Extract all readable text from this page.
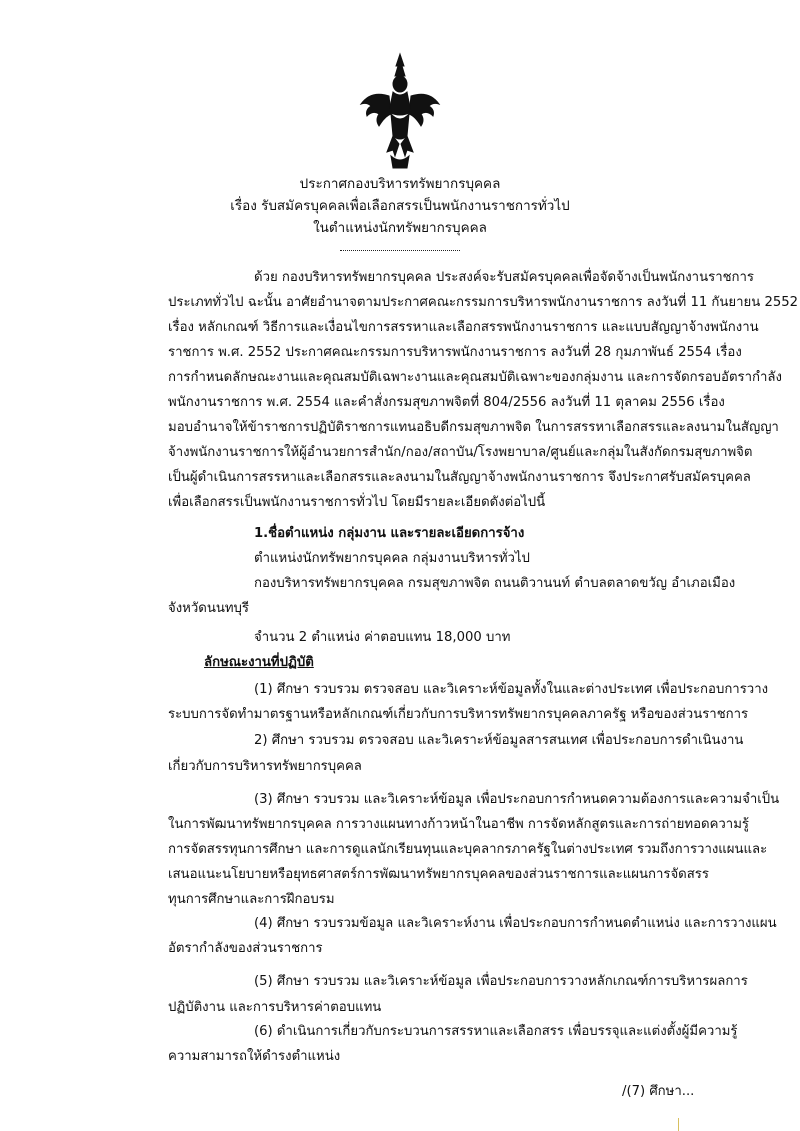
ประกาศกองบริหารทรัพยากรบุคคล
เรื่อง รับสมัครบุคคลเพื่อเลือกสรรเป็นพนักงานราชการทั่วไป
ในตำแหน่งนักทรัพยากรบุคคล
ด้วย กองบริหารทรัพยากรบุคคล ประสงค์จะรับสมัครบุคคลเพื่อจัดจ้างเป็นพนักงานราชการ
ประเภททั่วไป ฉะนั้น อาศัยอำนาจตามประกาศคณะกรรมการบริหารพนักงานราชการ ลงวันที่ 11 กันยายน 2552
เรื่อง หลักเกณฑ์ วิธีการและเงื่อนไขการสรรหาและเลือกสรรพนักงานราชการ และแบบสัญญาจ้างพนักงาน
ราชการ พ.ศ. 2552 ประกาศคณะกรรมการบริหารพนักงานราชการ ลงวันที่ 28 กุมภาพันธ์ 2554 เรื่อง
การกำหนดลักษณะงานและคุณสมบัติเฉพาะงานและคุณสมบัติเฉพาะของกลุ่มงาน และการจัดกรอบอัตรากำลัง
พนักงานราชการ พ.ศ. 2554 และคำสั่งกรมสุขภาพจิตที่ 804/2556 ลงวันที่ 11 ตุลาคม 2556 เรื่อง
มอบอำนาจให้ข้าราชการปฏิบัติราชการแทนอธิบดีกรมสุขภาพจิต ในการสรรหาเลือกสรรและลงนามในสัญญา
จ้างพนักงานราชการให้ผู้อำนวยการสำนัก/กอง/สถาบัน/โรงพยาบาล/ศูนย์และกลุ่มในสังกัดกรมสุขภาพจิต
เป็นผู้ดำเนินการสรรหาและเลือกสรรและลงนามในสัญญาจ้างพนักงานราชการ จึงประกาศรับสมัครบุคคล
เพื่อเลือกสรรเป็นพนักงานราชการทั่วไป โดยมีรายละเอียดดังต่อไปนี้
1.ชื่อตำแหน่ง กลุ่มงาน และรายละเอียดการจ้าง
ตำแหน่งนักทรัพยากรบุคคล กลุ่มงานบริหารทั่วไป
กองบริหารทรัพยากรบุคคล กรมสุขภาพจิต ถนนติวานนท์ ตำบลตลาดขวัญ อำเภอเมือง
จังหวัดนนทบุรี
จำนวน 2 ตำแหน่ง ค่าตอบแทน 18,000 บาท
ลักษณะงานที่ปฏิบัติ
(1) ศึกษา รวบรวม ตรวจสอบ และวิเคราะห์ข้อมูลทั้งในและต่างประเทศ เพื่อประกอบการวาง
ระบบการจัดทำมาตรฐานหรือหลักเกณฑ์เกี่ยวกับการบริหารทรัพยากรบุคคลภาครัฐ หรือของส่วนราชการ
2) ศึกษา รวบรวม ตรวจสอบ และวิเคราะห์ข้อมูลสารสนเทศ เพื่อประกอบการดำเนินงาน
เกี่ยวกับการบริหารทรัพยากรบุคคล
(3) ศึกษา รวบรวม และวิเคราะห์ข้อมูล เพื่อประกอบการกำหนดความต้องการและความจำเป็น
ในการพัฒนาทรัพยากรบุคคล การวางแผนทางก้าวหน้าในอาชีพ การจัดหลักสูตรและการถ่ายทอดความรู้
การจัดสรรทุนการศึกษา และการดูแลนักเรียนทุนและบุคลากรภาครัฐในต่างประเทศ รวมถึงการวางแผนและ
เสนอแนะนโยบายหรือยุทธศาสตร์การพัฒนาทรัพยากรบุคคลของส่วนราชการและแผนการจัดสรร
ทุนการศึกษาและการฝึกอบรม
(4) ศึกษา รวบรวมข้อมูล และวิเคราะห์งาน เพื่อประกอบการกำหนดตำแหน่ง และการวางแผน
อัตรากำลังของส่วนราชการ
(5) ศึกษา รวบรวม และวิเคราะห์ข้อมูล เพื่อประกอบการวางหลักเกณฑ์การบริหารผลการ
ปฏิบัติงาน และการบริหารค่าตอบแทน
(6) ดำเนินการเกี่ยวกับกระบวนการสรรหาและเลือกสรร เพื่อบรรจุและแต่งตั้งผู้มีความรู้
ความสามารถให้ดำรงตำแหน่ง
/(7) ศึกษา...
